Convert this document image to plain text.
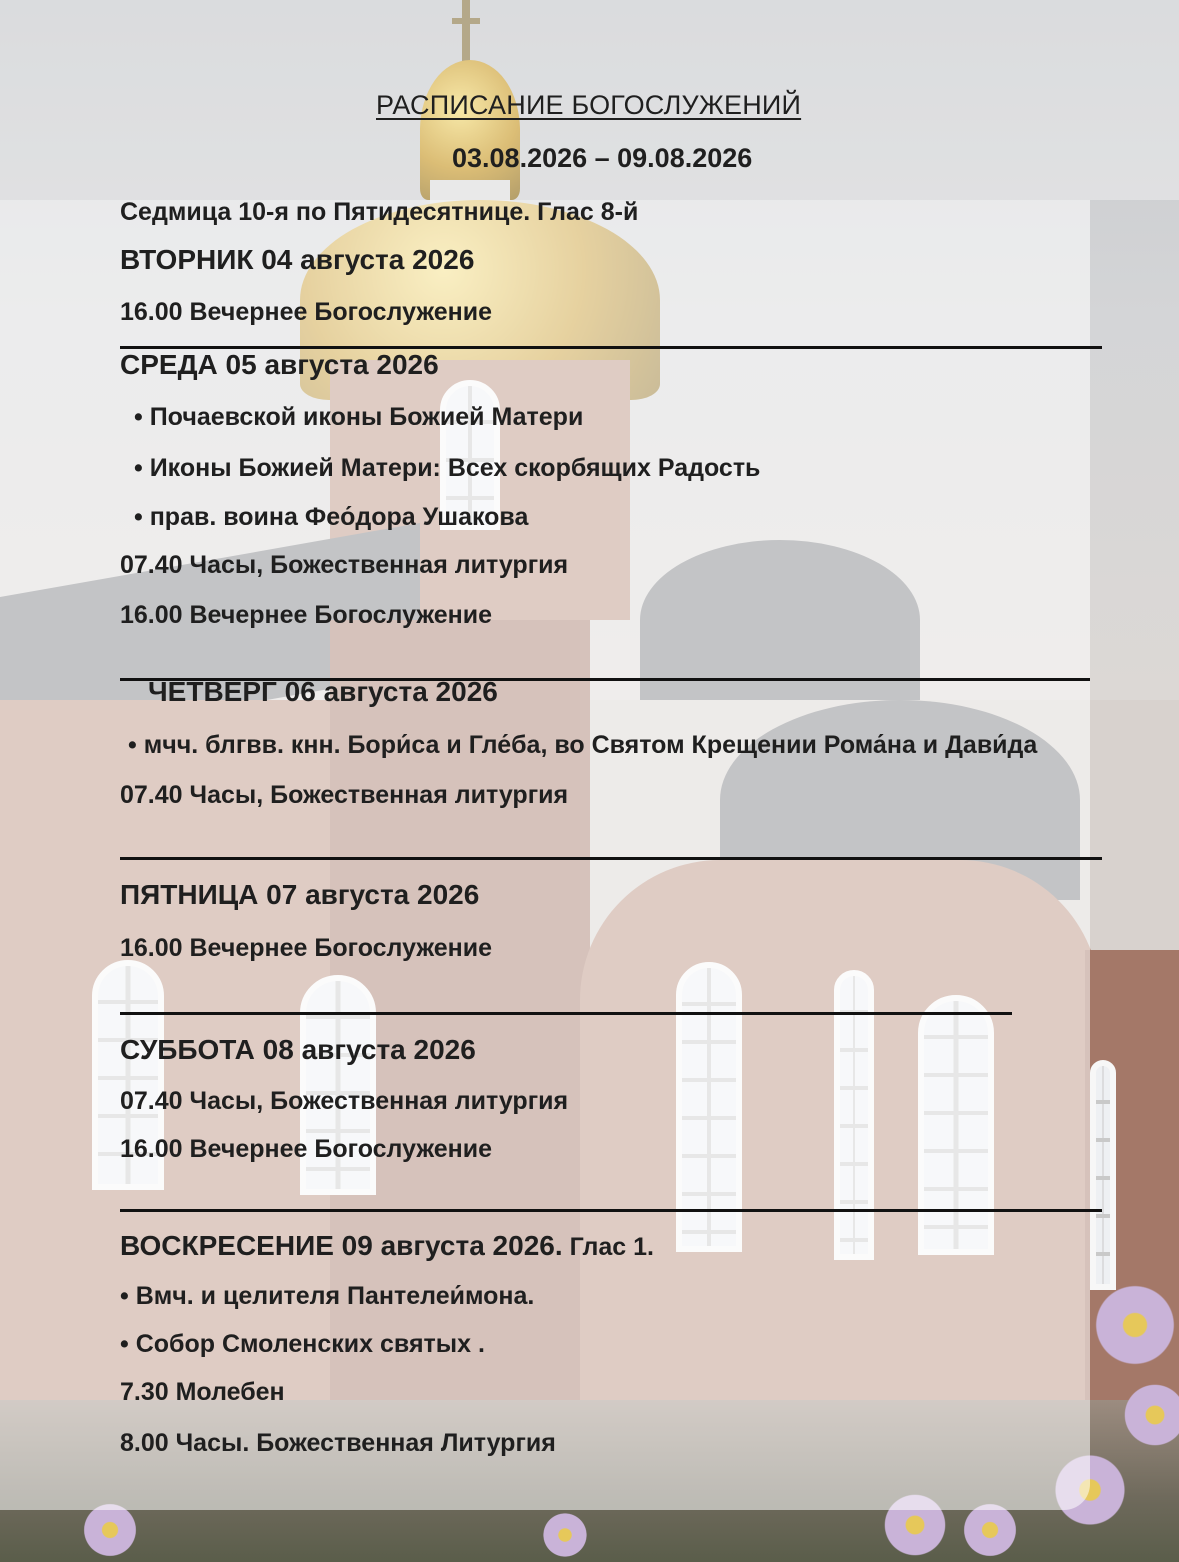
РАСПИСАНИЕ БОГОСЛУЖЕНИЙ
03.08.2026 – 09.08.2026
Седмица 10-я по Пятидесятнице. Глас 8-й
ВТОРНИК 04 августа 2026
16.00 Вечернее Богослужение
СРЕДА 05 августа 2026
• Почаевской иконы Божией Матери
• Иконы Божией Матери: Всех скорбящих Радость
• прав. воина Фео́дора Ушакова
07.40 Часы, Божественная литургия
16.00 Вечернее Богослужение
ЧЕТВЕРГ 06 августа 2026
• мчч. блгвв. кнн. Бори́са и Гле́ба, во Святом Крещении Рома́на и Дави́да
07.40 Часы, Божественная литургия
ПЯТНИЦА 07 августа 2026
16.00 Вечернее Богослужение
СУББОТА 08 августа 2026
07.40 Часы, Божественная литургия
16.00 Вечернее Богослужение
ВОСКРЕСЕНИЕ 09 августа 2026. Глас 1.
• Вмч. и целителя Пантелеи́мона.
• Собор Смоленских святых .
7.30 Молебен
8.00 Часы. Божественная Литургия
